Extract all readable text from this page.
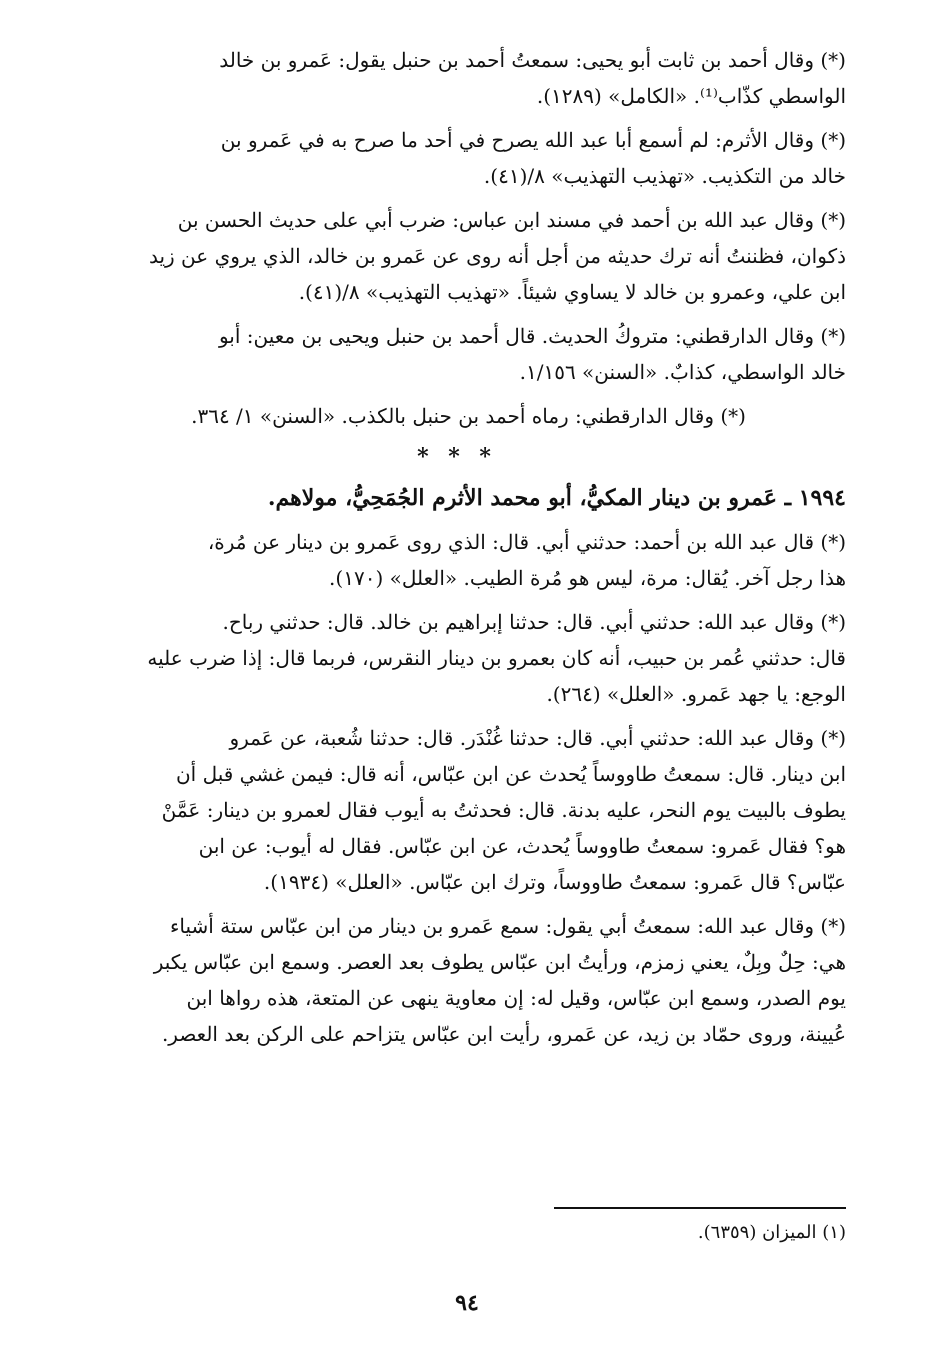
(*) وقال أحمد بن ثابت أبو يحيى: سمعتُ أحمد بن حنبل يقول: عَمرو بن خالد
الواسطي كذّاب⁽¹⁾. «الكامل» (١٢٨٩).
(*) وقال الأثرم: لم أسمع أبا عبد الله يصرح في أحد ما صرح به في عَمرو بن
خالد من التكذيب. «تهذيب التهذيب» ٨/(٤١).
(*) وقال عبد الله بن أحمد في مسند ابن عباس: ضرب أبي على حديث الحسن بن
ذكوان، فظننتُ أنه ترك حديثه من أجل أنه روى عن عَمرو بن خالد، الذي يروي عن زيد
ابن علي، وعمرو بن خالد لا يساوي شيئاً. «تهذيب التهذيب» ٨/(٤١).
(*) وقال الدارقطني: متروكُ الحديث. قال أحمد بن حنبل ويحيى بن معين: أبو
خالد الواسطي، كذابٌ. «السنن» ١/١٥٦.
(*) وقال الدارقطني: رماه أحمد بن حنبل بالكذب. «السنن» ١/ ٣٦٤.
* * *
١٩٩٤ ـ عَمرو بن دينار المكيُّ، أبو محمد الأثرم الجُمَحِيُّ، مولاهم.
(*) قال عبد الله بن أحمد: حدثني أبي. قال: الذي روى عَمرو بن دينار عن مُرة،
هذا رجل آخر. يُقال: مرة، ليس هو مُرة الطيب. «العلل» (١٧٠).
(*) وقال عبد الله: حدثني أبي. قال: حدثنا إبراهيم بن خالد. قال: حدثني رباح.
قال: حدثني عُمر بن حبيب، أنه كان بعمرو بن دينار النقرس، فربما قال: إذا ضرب عليه
الوجع: يا جهد عَمرو. «العلل» (٢٦٤).
(*) وقال عبد الله: حدثني أبي. قال: حدثنا غُنْدَر. قال: حدثنا شُعبة، عن عَمرو
ابن دينار. قال: سمعتُ طاووساً يُحدث عن ابن عبّاس، أنه قال: فيمن غشي قبل أن
يطوف بالبيت يوم النحر، عليه بدنة. قال: فحدثتُ به أيوب فقال لعمرو بن دينار: عَمَّنْ
هو؟ فقال عَمرو: سمعتُ طاووساً يُحدث، عن ابن عبّاس. فقال له أيوب: عن ابن
عبّاس؟ قال عَمرو: سمعتُ طاووساً، وترك ابن عبّاس. «العلل» (١٩٣٤).
(*) وقال عبد الله: سمعتُ أبي يقول: سمع عَمرو بن دينار من ابن عبّاس ستة أشياء
هي: حِلٌ وبِلٌ، يعني زمزم، ورأيتُ ابن عبّاس يطوف بعد العصر. وسمع ابن عبّاس يكبر
يوم الصدر، وسمع ابن عبّاس، وقيل له: إن معاوية ينهى عن المتعة، هذه رواها ابن
عُيينة، وروى حمّاد بن زيد، عن عَمرو، رأيت ابن عبّاس يتزاحم على الركن بعد العصر.
(١) الميزان (٦٣٥٩).
٩٤
